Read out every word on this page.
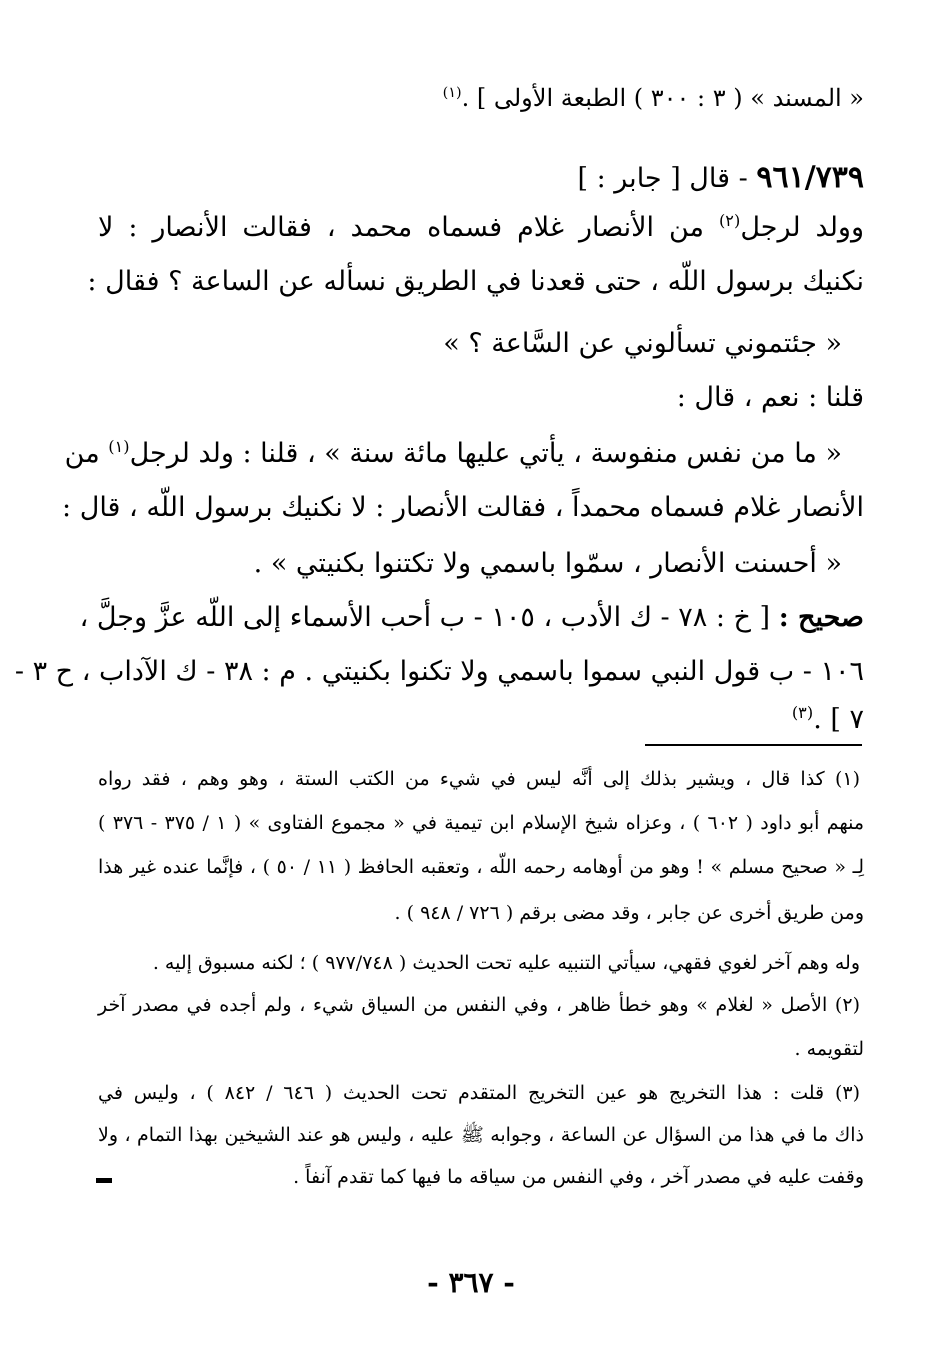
« المسند » ( ٣ : ٣٠٠ ) الطبعة الأولى ] .$^{(١)}$
٩٦١/٧٣٩ - قال [ جابر : ]
وولد لرجل$^{(٢)}$ من الأنصار غلام فسماه محمد ، فقالت الأنصار : لا
نكنيك برسول اللّه ، حتى قعدنا في الطريق نسأله عن الساعة ؟ فقال :
« جئتموني تسألوني عن السَّاعة ؟ »
قلنا : نعم ، قال :
« ما من نفس منفوسة ، يأتي عليها مائة سنة » ، قلنا : ولد لرجل$^{(١)}$ من
الأنصار غلام فسماه محمداً ، فقالت الأنصار : لا نكنيك برسول اللّه ، قال :
« أحسنت الأنصار ، سمّوا باسمي ولا تكتنوا بكنيتي » .
صحيح : [ خ : ٧٨ - ك الأدب ، ١٠٥ - ب أحب الأسماء إلى اللّه عزَّ وجلَّ ،
١٠٦ - ب قول النبي سموا باسمي ولا تكنوا بكنيتي . م : ٣٨ - ك الآداب ، ح ٣ -
٧ ] .$^{(٣)}$
(١) كذا قال ، ويشير بذلك إلى أنَّه ليس في شيء من الكتب الستة ، وهو وهم ، فقد رواه
منهم أبو داود ( ٦٠٢ ) ، وعزاه شيخ الإسلام ابن تيمية في « مجموع الفتاوى » ( ١ / ٣٧٥ - ٣٧٦ )
لِـ « صحيح مسلم » ! وهو من أوهامه رحمه اللّه ، وتعقبه الحافظ ( ١١ / ٥٠ ) ، فإنَّما عنده غير هذا
ومن طريق أخرى عن جابر ، وقد مضى برقم ( ٧٢٦ / ٩٤٨ ) .
وله وهم آخر لغوي فقهي، سيأتي التنبيه عليه تحت الحديث ( ٩٧٧/٧٤٨ ) ؛ لكنه مسبوق إليه .
(٢) الأصل « لغلام » وهو خطأ ظاهر ، وفي النفس من السياق شيء ، ولم أجده في مصدر آخر
لتقويمه .
(٣) قلت : هذا التخريج هو عين التخريج المتقدم تحت الحديث ( ٦٤٦ / ٨٤٢ ) ، وليس في
ذاك ما في هذا من السؤال عن الساعة ، وجوابه ﷺ عليه ، وليس هو عند الشيخين بهذا التمام ، ولا
وقفت عليه في مصدر آخر ، وفي النفس من سياقه ما فيها كما تقدم آنفاً .
- ٣٦٧ -
